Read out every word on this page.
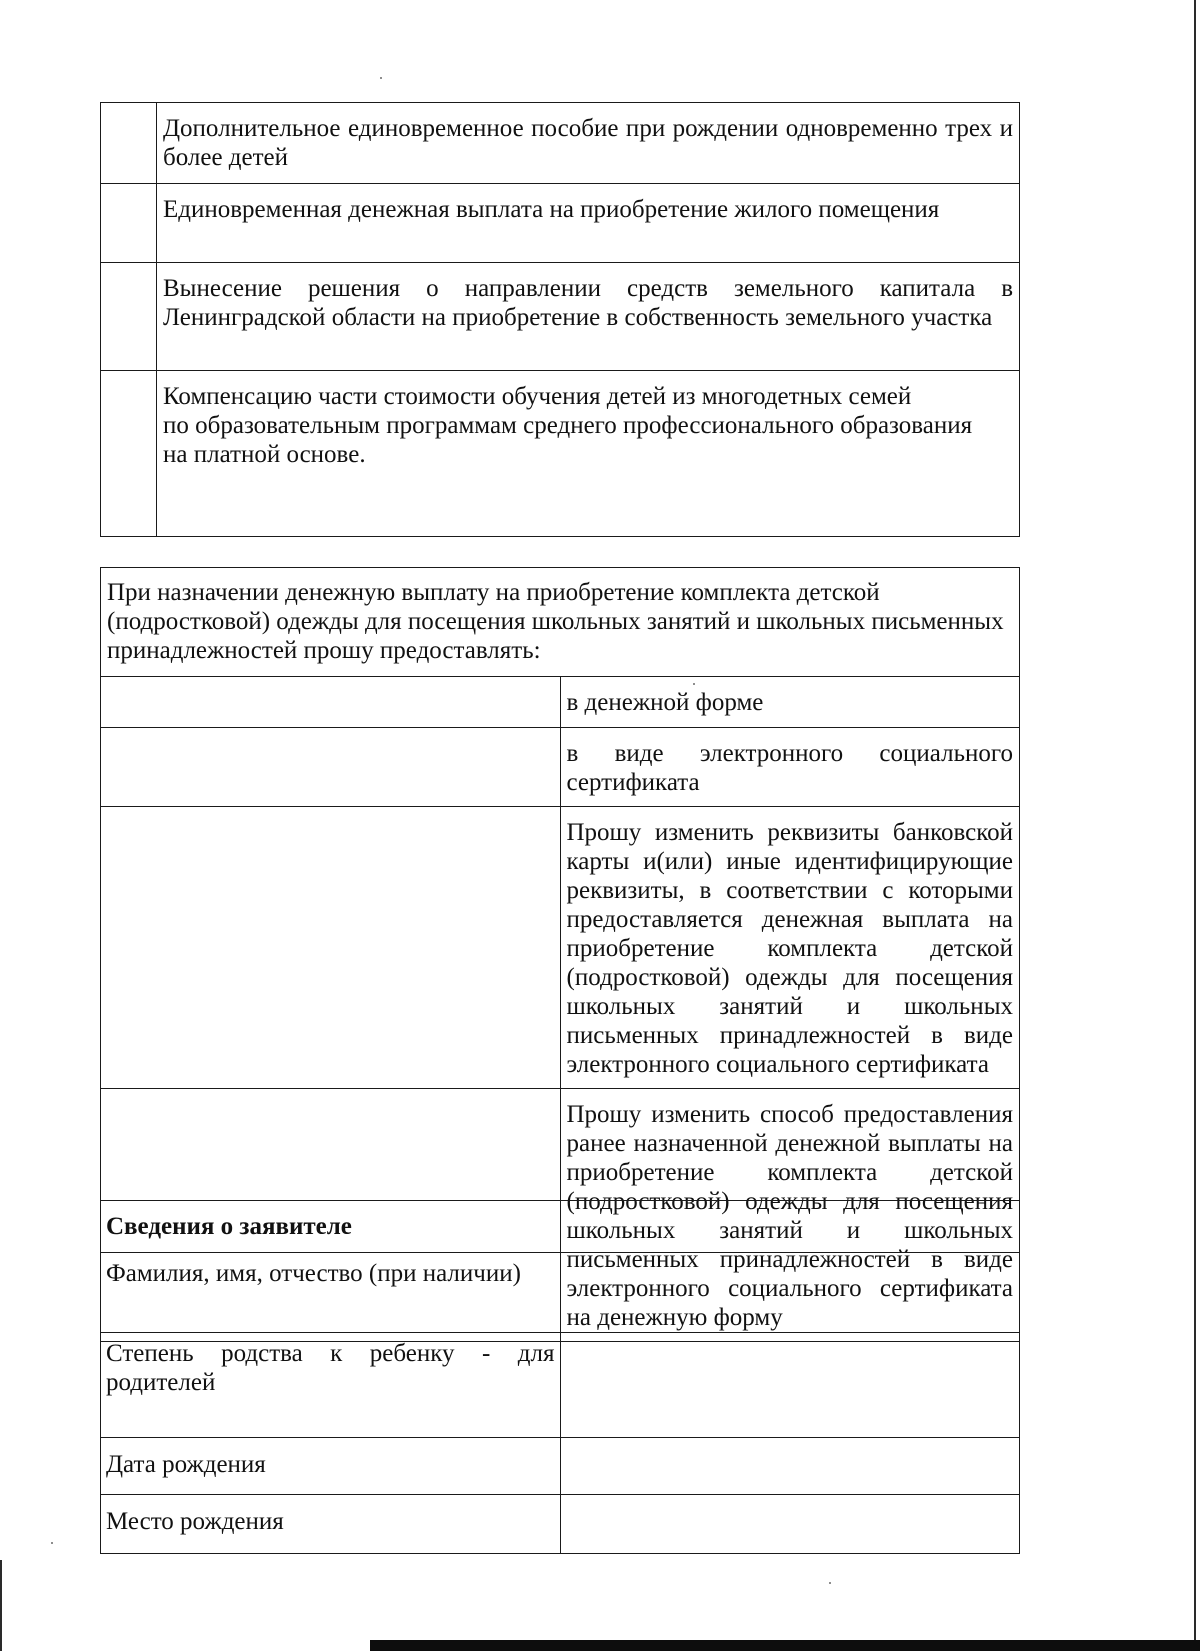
	Дополнительное единовременное пособие при рождении одновременно трех и более детей

	Единовременная денежная выплата на приобретение жилого помещения

	Вынесение решения о направлении средств земельного капитала в Ленинградской области на приобретение в собственность земельного участка

	Компенсацию части стоимости обучения детей из многодетных семей
по образовательным программам среднего профессионального образования
на платной основе.
При назначении денежную выплату на приобретение комплекта детской (подростковой) одежды для посещения школьных занятий и школьных письменных принадлежностей прошу предоставлять:	
	в денежной форме
	в виде электронного социального сертификата
	Прошу изменить реквизиты банковской карты и(или) иные идентифицирующие реквизиты, в соответствии с которыми предоставляется денежная выплата на приобретение комплекта детской (подростковой) одежды для посещения школьных занятий и школьных письменных принадлежностей в виде электронного социального сертификата
	Прошу изменить способ предоставления ранее назначенной денежной выплаты на приобретение комплекта детской (подростковой) одежды для посещения школьных занятий и школьных письменных принадлежностей в виде электронного социального сертификата на денежную форму
Сведения о заявителе	
Фамилия, имя, отчество (при наличии)	
Степень родства к ребенку - для родителей	
Дата рождения	
Место рождения	
